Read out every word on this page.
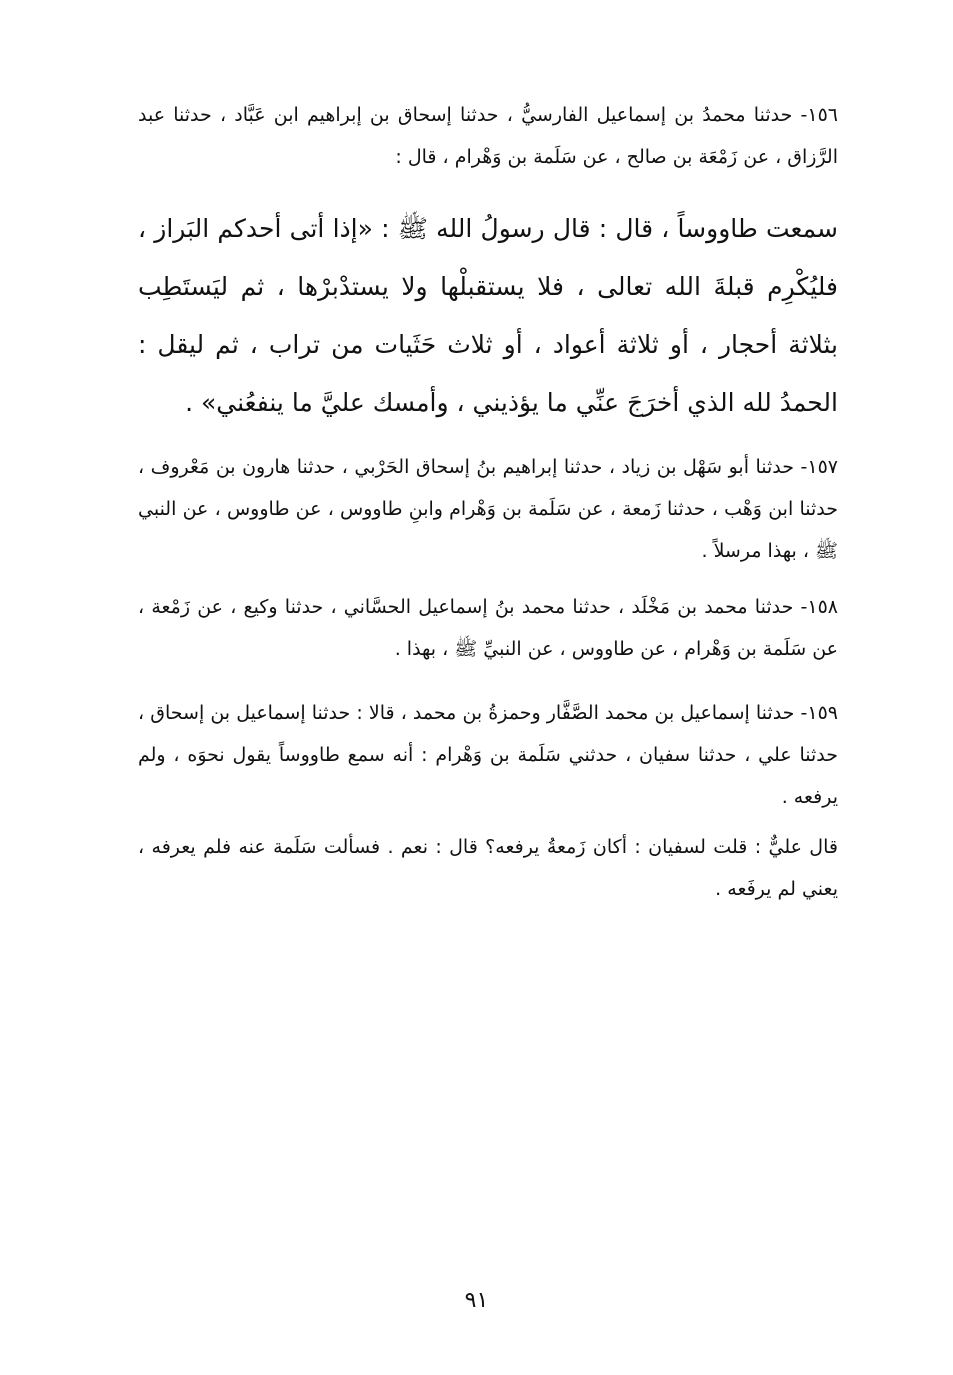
١٥٦- حدثنا محمدُ بن إسماعيل الفارسيُّ ، حدثنا إسحاق بن إبراهيم ابن عَبَّاد ، حدثنا عبد الرَّزاق ، عن زَمْعَة بن صالح ، عن سَلَمة بن وَهْرام ، قال :

سمعت طاووساً ، قال : قال رسولُ الله ﷺ : «إذا أتى أحدكم البَراز ، فليُكْرِم قبلةَ الله تعالى ، فلا يستقبلْها ولا يستدْبرْها ، ثم ليَستَطِب بثلاثة أحجار ، أو ثلاثة أعواد ، أو ثلاث حَثَيات من تراب ، ثم ليقل : الحمدُ لله الذي أخرَجَ عنِّي ما يؤذيني ، وأمسك عليَّ ما ينفعُني» .

١٥٧- حدثنا أبو سَهْل بن زياد ، حدثنا إبراهيم بنُ إسحاق الحَرْبي ، حدثنا هارون بن مَعْروف ، حدثنا ابن وَهْب ، حدثنا زَمعة ، عن سَلَمة بن وَهْرام وابنِ طاووس ، عن طاووس ، عن النبي ﷺ ، بهذا مرسلاً .

١٥٨- حدثنا محمد بن مَخْلَد ، حدثنا محمد بنُ إسماعيل الحسَّاني ، حدثنا وكيع ، عن زَمْعة ، عن سَلَمة بن وَهْرام ، عن طاووس ، عن النبيِّ ﷺ ، بهذا .

١٥٩- حدثنا إسماعيل بن محمد الصَّفَّار وحمزةُ بن محمد ، قالا : حدثنا إسماعيل بن إسحاق ، حدثنا علي ، حدثنا سفيان ، حدثني سَلَمة بن وَهْرام : أنه سمع طاووساً يقول نحوَه ، ولم يرفعه .

قال عليٌّ : قلت لسفيان : أكان زَمعةُ يرفعه؟ قال : نعم . فسألت سَلَمة عنه فلم يعرفه ، يعني لم يرفَعه .

٩١
